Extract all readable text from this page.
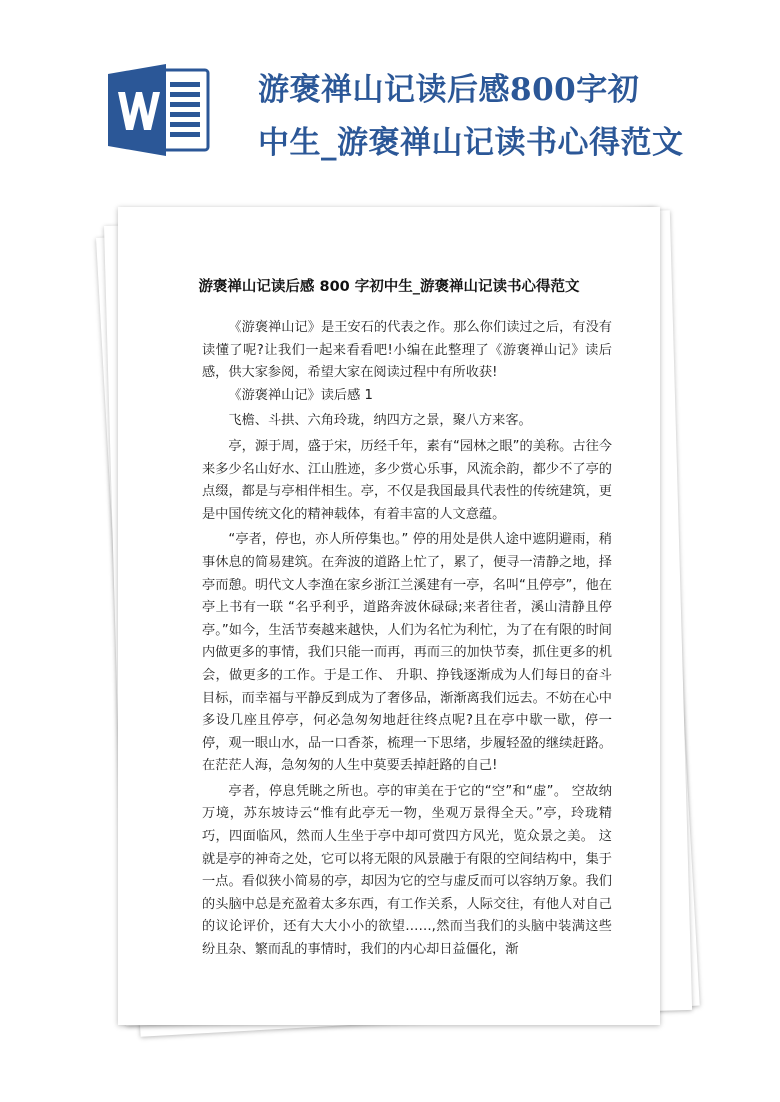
游褒禅山记读后感800字初
中生_游褒禅山记读书心得范文
游褒禅山记读后感 800 字初中生_游褒禅山记读书心得范文

《游褒禅山记》是王安石的代表之作。那么你们读过之后，有没有读懂了呢?让我们一起来看看吧!小编在此整理了《游褒禅山记》读后感，供大家参阅，希望大家在阅读过程中有所收获!

《游褒禅山记》读后感 1

飞檐、斗拱、六角玲珑，纳四方之景，聚八方来客。

亭，源于周，盛于宋，历经千年，素有“园林之眼”的美称。古往今来多少名山好水、江山胜迹，多少赏心乐事，风流余韵，都少不了亭的点缀，都是与亭相伴相生。亭，不仅是我国最具代表性的传统建筑，更是中国传统文化的精神载体，有着丰富的人文意蕴。

“亭者，停也，亦人所停集也。” 停的用处是供人途中遮阴避雨，稍事休息的简易建筑。在奔波的道路上忙了，累了，便寻一清静之地，择亭而憩。明代文人李渔在家乡浙江兰溪建有一亭，名叫“且停亭”，他在亭上书有一联 “名乎利乎，道路奔波休碌碌;来者往者，溪山清静且停亭。”如今，生活节奏越来越快，人们为名忙为利忙，为了在有限的时间内做更多的事情，我们只能一而再，再而三的加快节奏，抓住更多的机会，做更多的工作。于是工作、 升职、挣钱逐渐成为人们每日的奋斗目标，而幸福与平静反到成为了奢侈品，渐渐离我们远去。不妨在心中多设几座且停亭，何必急匆匆地赶往终点呢?且在亭中歇一歇，停一停，观一眼山水，品一口香茶，梳理一下思绪，步履轻盈的继续赶路。在茫茫人海，急匆匆的人生中莫要丢掉赶路的自己!

亭者，停息凭眺之所也。亭的审美在于它的“空”和“虚”。 空故纳万境，苏东坡诗云“惟有此亭无一物，坐观万景得全天。”亭，玲珑精巧，四面临风，然而人生坐于亭中却可赏四方风光，览众景之美。 这就是亭的神奇之处，它可以将无限的风景融于有限的空间结构中，集于一点。看似狭小简易的亭，却因为它的空与虚反而可以容纳万象。我们的头脑中总是充盈着太多东西，有工作关系，人际交往，有他人对自己的议论评价，还有大大小小的欲望……,然而当我们的头脑中装满这些纷且杂、繁而乱的事情时，我们的内心却日益僵化，渐
